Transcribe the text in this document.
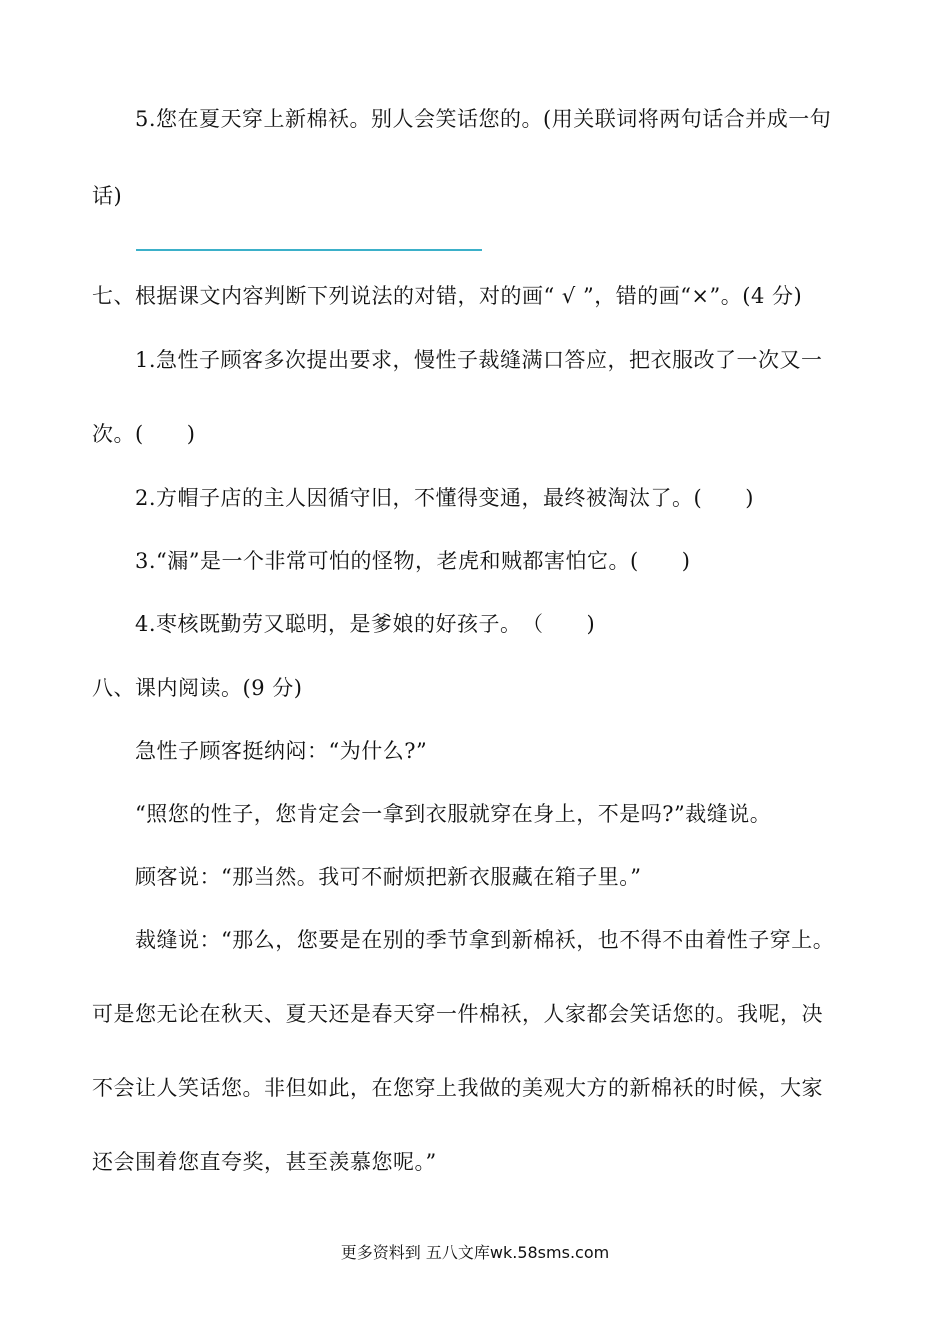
5.您在夏天穿上新棉袄。别人会笑话您的。(用关联词将两句话合并成一句
话)
七、根据课文内容判断下列说法的对错，对的画“ √ ”，错的画“×”。(4 分)
1.急性子顾客多次提出要求，慢性子裁缝满口答应，把衣服改了一次又一
次。(　　)
2.方帽子店的主人因循守旧，不懂得变通，最终被淘汰了。(　　)
3.“漏”是一个非常可怕的怪物，老虎和贼都害怕它。(　　)
4.枣核既勤劳又聪明，是爹娘的好孩子。　（　　)
八、课内阅读。(9 分)
急性子顾客挺纳闷：“为什么?”
“照您的性子，您肯定会一拿到衣服就穿在身上，不是吗?”裁缝说。
顾客说：“那当然。我可不耐烦把新衣服藏在箱子里。”
裁缝说：“那么，您要是在别的季节拿到新棉袄，也不得不由着性子穿上。
可是您无论在秋天、夏天还是春天穿一件棉袄，人家都会笑话您的。我呢，决
不会让人笑话您。非但如此，在您穿上我做的美观大方的新棉袄的时候，大家
还会围着您直夸奖，甚至羡慕您呢。”
更多资料到 五八文库wk.58sms.com
